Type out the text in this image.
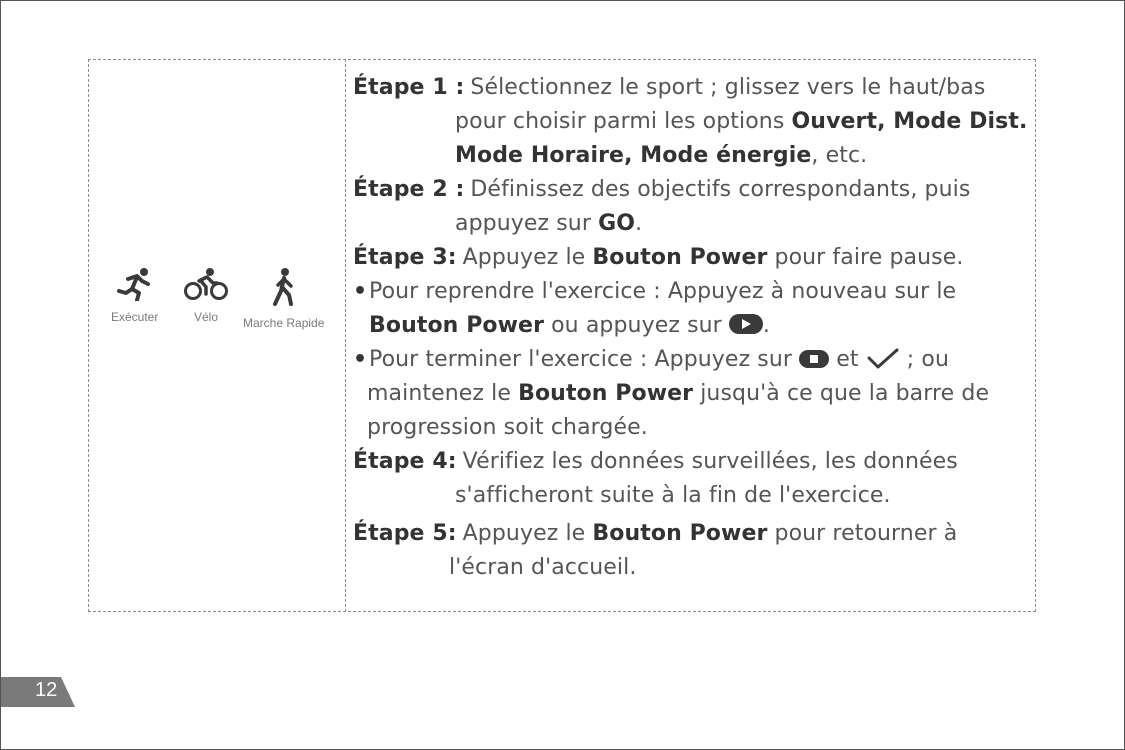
Exécuter	Vélo Marche Rapide
Étape 1 : Sélectionnez le sport ; glissez vers le haut/bas
pour choisir parmi les options Ouvert, Mode Dist.
Mode Horaire, Mode énergie, etc.
Étape 2 : Définissez des objectifs correspondants, puis
appuyez sur GO.
Étape 3: Appuyez le Bouton Power pour faire pause.
• Pour reprendre l'exercice : Appuyez à nouveau sur le
Bouton Power ou appuyez sur .
• Pour terminer l'exercice : Appuyez sur  et  ; ou
maintenez le Bouton Power jusqu'à ce que la barre de
progression soit chargée.
Étape 4: Vérifiez les données surveillées, les données
s'afficheront suite à la fin de l'exercice.
Étape 5: Appuyez le Bouton Power pour retourner à
l'écran d'accueil.
12
